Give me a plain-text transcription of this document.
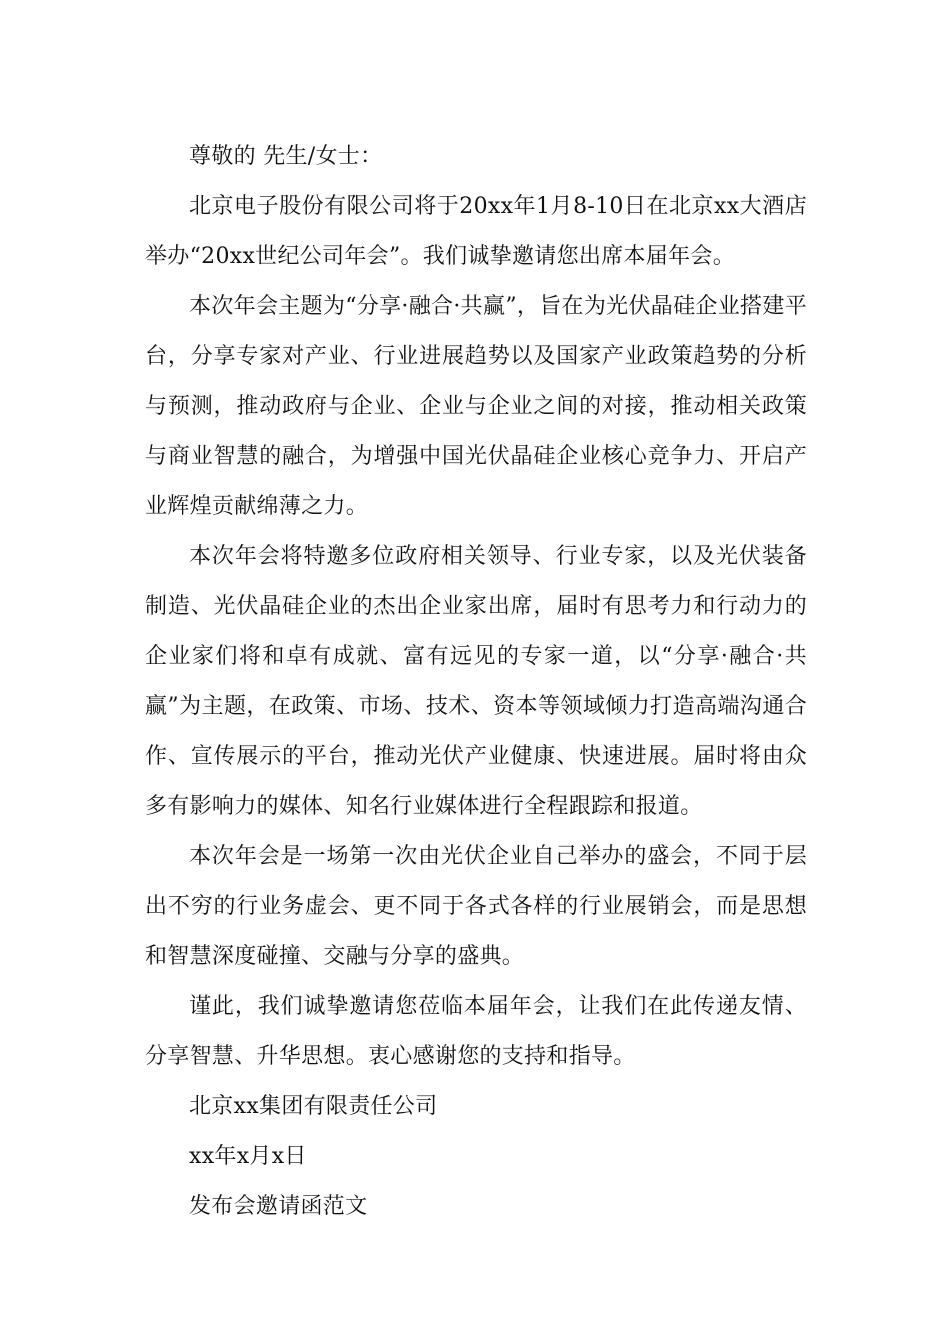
尊敬的 先生/女士：

北京电子股份有限公司将于20xx年1月8-10日在北京xx大酒店举办“20xx世纪公司年会”。我们诚挚邀请您出席本届年会。

本次年会主题为“分享·融合·共赢”，旨在为光伏晶硅企业搭建平台，分享专家对产业、行业进展趋势以及国家产业政策趋势的分析与预测，推动政府与企业、企业与企业之间的对接，推动相关政策与商业智慧的融合，为增强中国光伏晶硅企业核心竞争力、开启产业辉煌贡献绵薄之力。

本次年会将特邀多位政府相关领导、行业专家，以及光伏装备制造、光伏晶硅企业的杰出企业家出席，届时有思考力和行动力的企业家们将和卓有成就、富有远见的专家一道，以“分享·融合·共赢”为主题，在政策、市场、技术、资本等领域倾力打造高端沟通合作、宣传展示的平台，推动光伏产业健康、快速进展。届时将由众多有影响力的媒体、知名行业媒体进行全程跟踪和报道。

本次年会是一场第一次由光伏企业自己举办的盛会，不同于层出不穷的行业务虚会、更不同于各式各样的行业展销会，而是思想和智慧深度碰撞、交融与分享的盛典。

谨此，我们诚挚邀请您莅临本届年会，让我们在此传递友情、分享智慧、升华思想。衷心感谢您的支持和指导。

北京xx集团有限责任公司

xx年x月x日

发布会邀请函范文
